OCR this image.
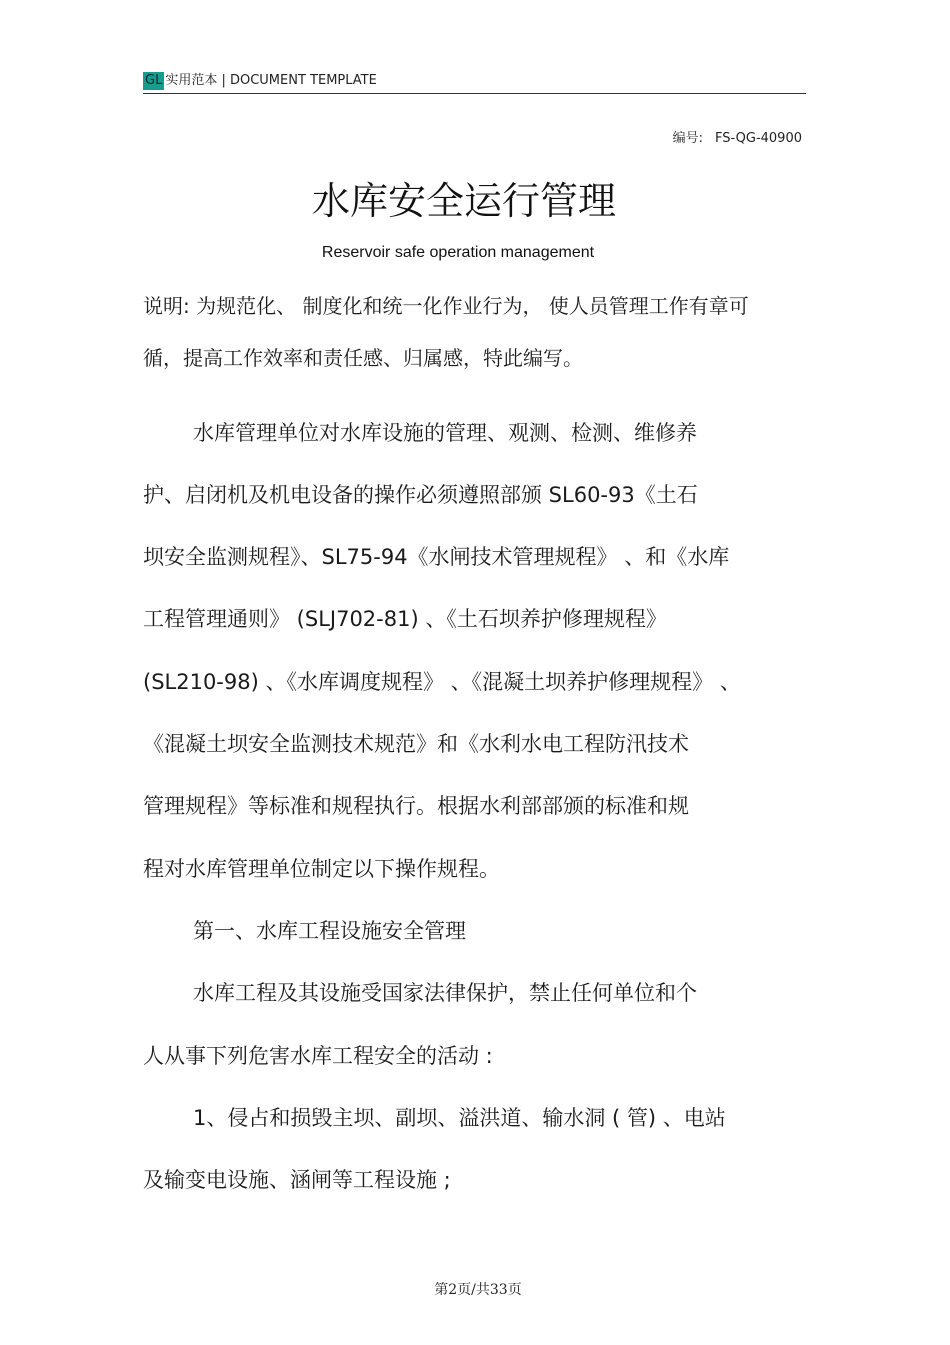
GL 实用范本 | DOCUMENT TEMPLATE
编号: FS-QG-40900
水库安全运行管理
Reservoir safe operation management
说明: 为规范化、 制度化和统一化作业行为， 使人员管理工作有章可
循，提高工作效率和责任感、归属感，特此编写。
水库管理单位对水库设施的管理、观测、检测、维修养
护、启闭机及机电设备的操作必须遵照部颁 SL60-93《土石
坝安全监测规程》、SL75-94《水闸技术管理规程》 、和《水库
工程管理通则》 (SLJ702-81) 、《土石坝养护修理规程》
(SL210-98) 、《水库调度规程》 、《混凝土坝养护修理规程》 、
《混凝土坝安全监测技术规范》和《水利水电工程防汛技术
管理规程》等标准和规程执行。根据水利部部颁的标准和规
程对水库管理单位制定以下操作规程。
第一、水库工程设施安全管理
水库工程及其设施受国家法律保护，禁止任何单位和个
人从事下列危害水库工程安全的活动 :
1、侵占和损毁主坝、副坝、溢洪道、输水洞 ( 管) 、电站
及输变电设施、涵闸等工程设施 ;
第2页/共33页
